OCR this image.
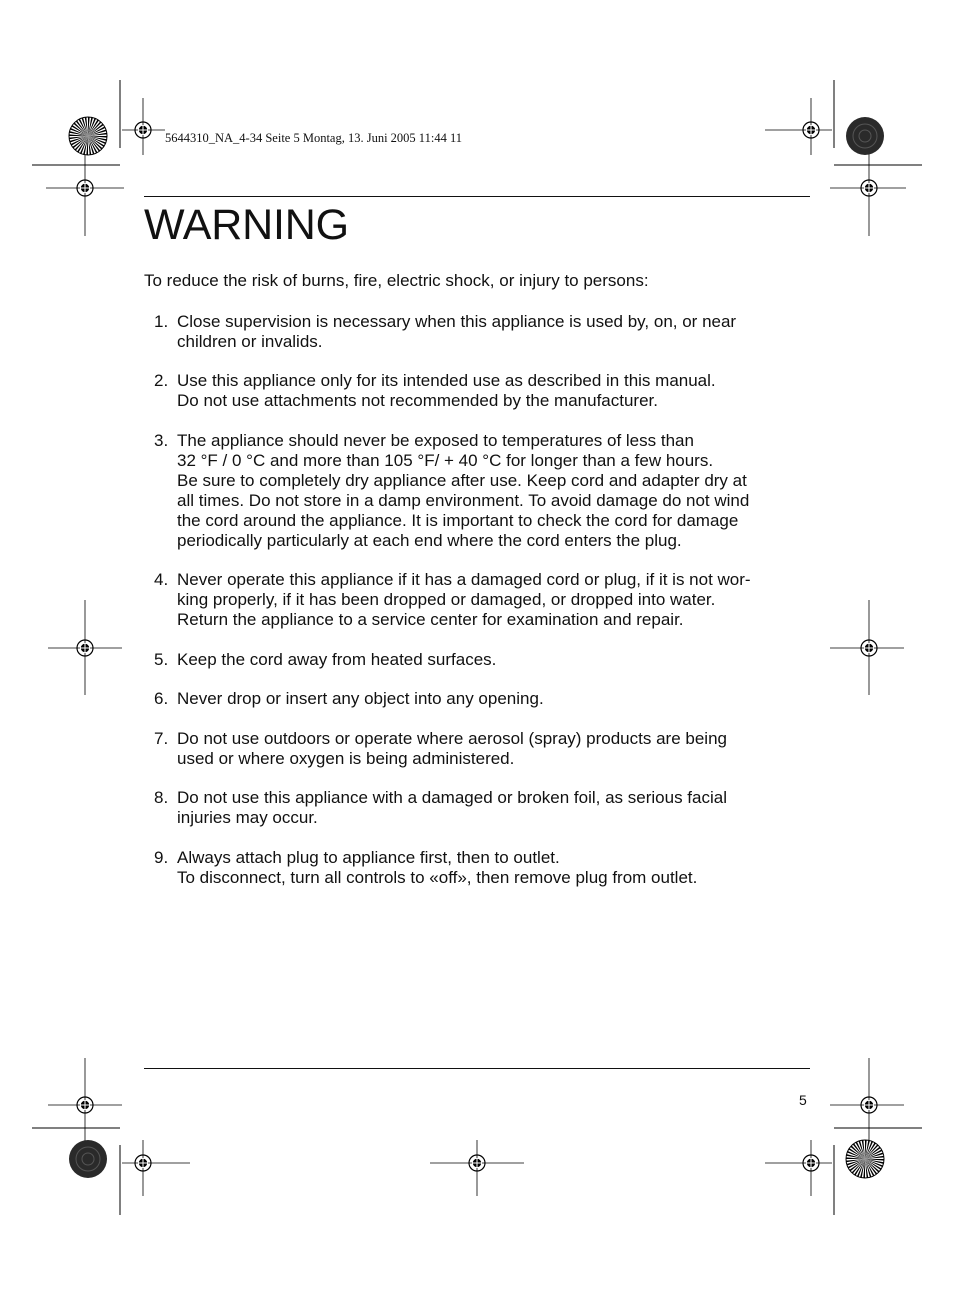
5644310_NA_4-34 Seite 5 Montag, 13. Juni 2005 11:44 11
WARNING

To reduce the risk of burns, fire, electric shock, or injury to persons:

1. Close supervision is necessary when this appliance is used by, on, or near
children or invalids.
2. Use this appliance only for its intended use as described in this manual.
Do not use attachments not recommended by the manufacturer.
3. The appliance should never be exposed to temperatures of less than
32 °F / 0 °C and more than 105 °F/ + 40 °C for longer than a few hours.
Be sure to completely dry appliance after use. Keep cord and adapter dry at
all times. Do not store in a damp environment. To avoid damage do not wind
the cord around the appliance. It is important to check the cord for damage
periodically particularly at each end where the cord enters the plug.
4. Never operate this appliance if it has a damaged cord or plug, if it is not wor-
king properly, if it has been dropped or damaged, or dropped into water.
Return the appliance to a service center for examination and repair.
5. Keep the cord away from heated surfaces.
6. Never drop or insert any object into any opening.
7. Do not use outdoors or operate where aerosol (spray) products are being
used or where oxygen is being administered.
8. Do not use this appliance with a damaged or broken foil, as serious facial
injuries may occur.
9. Always attach plug to appliance first, then to outlet.
To disconnect, turn all controls to «off», then remove plug from outlet.
5
